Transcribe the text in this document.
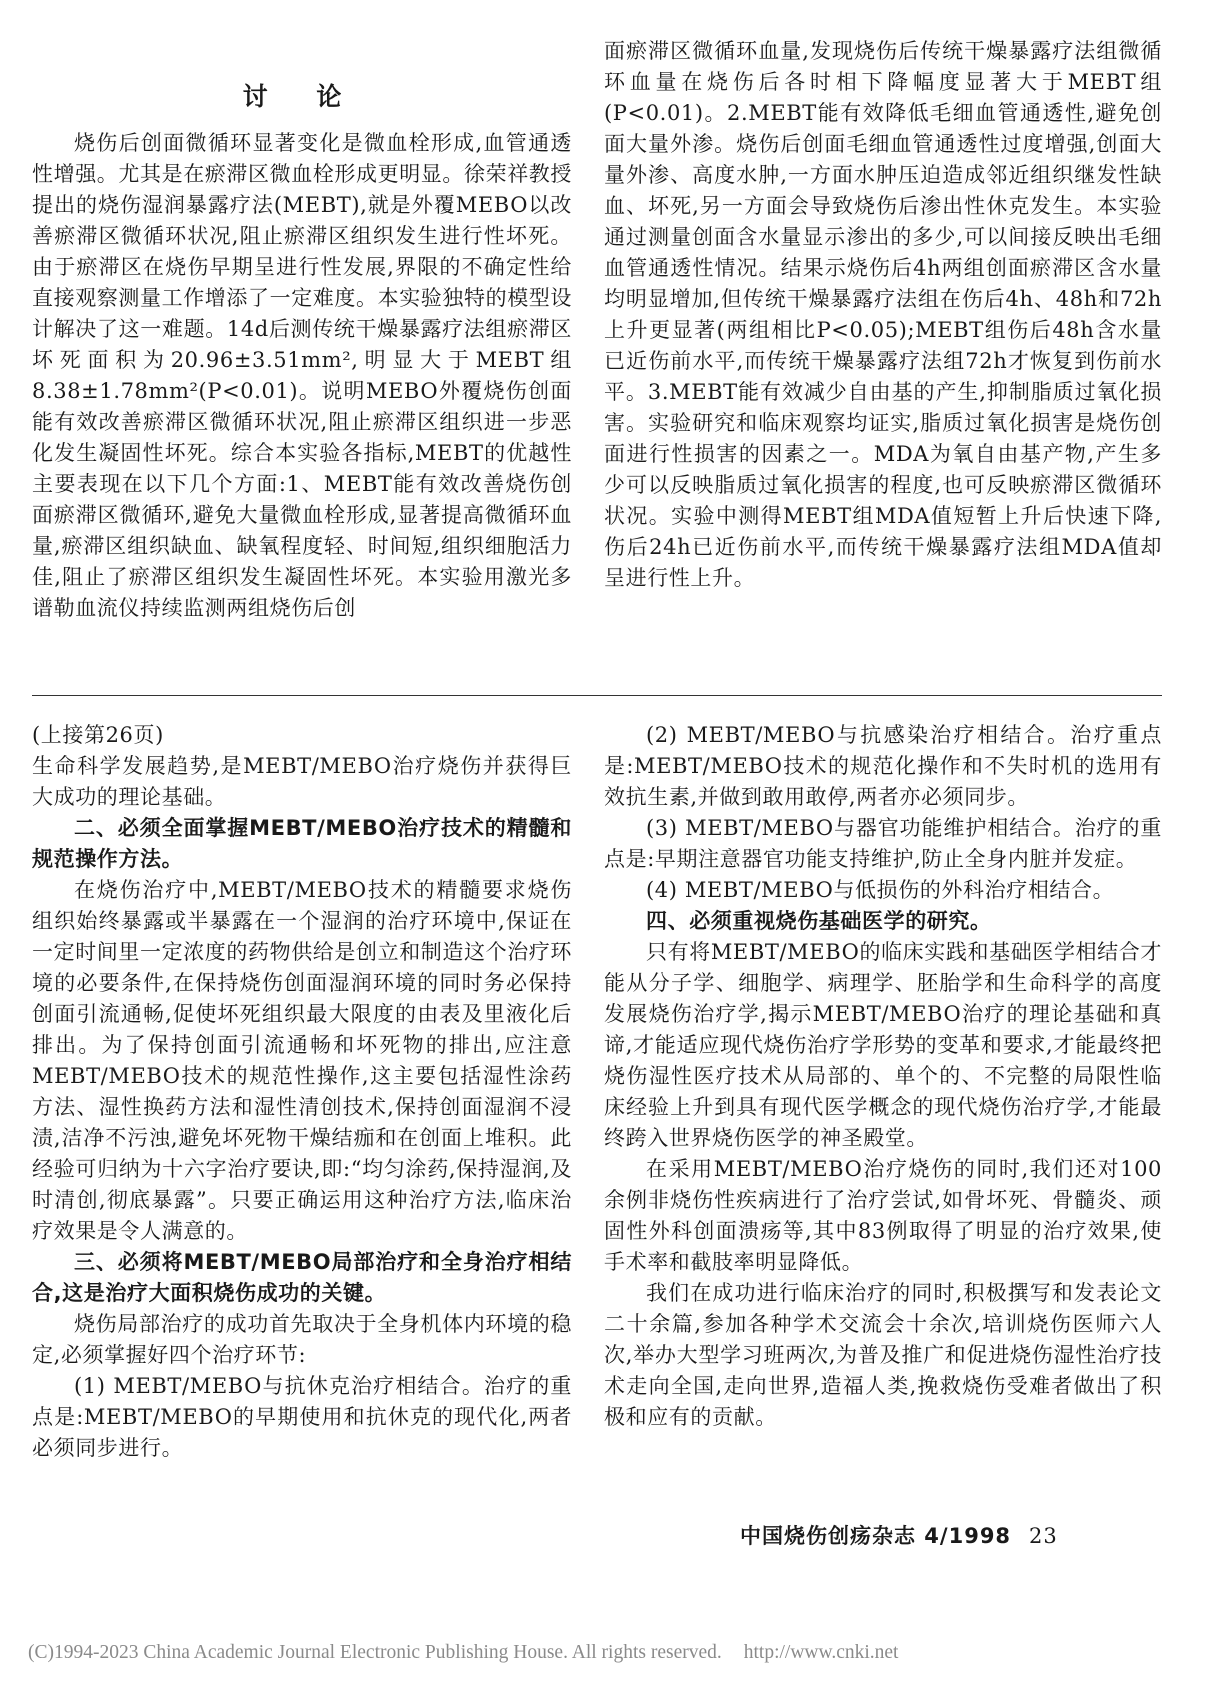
讨 论

烧伤后创面微循环显著变化是微血栓形成,血管通透性增强。尤其是在瘀滞区微血栓形成更明显。徐荣祥教授提出的烧伤湿润暴露疗法(MEBT),就是外覆MEBO以改善瘀滞区微循环状况,阻止瘀滞区组织发生进行性坏死。由于瘀滞区在烧伤早期呈进行性发展,界限的不确定性给直接观察测量工作增添了一定难度。本实验独特的模型设计解决了这一难题。14d后测传统干燥暴露疗法组瘀滞区坏死面积为20.96±3.51mm²,明显大于MEBT组8.38±1.78mm²(P<0.01)。说明MEBO外覆烧伤创面能有效改善瘀滞区微循环状况,阻止瘀滞区组织进一步恶化发生凝固性坏死。综合本实验各指标,MEBT的优越性主要表现在以下几个方面:1、MEBT能有效改善烧伤创面瘀滞区微循环,避免大量微血栓形成,显著提高微循环血量,瘀滞区组织缺血、缺氧程度轻、时间短,组织细胞活力佳,阻止了瘀滞区组织发生凝固性坏死。本实验用激光多谱勒血流仪持续监测两组烧伤后创

面瘀滞区微循环血量,发现烧伤后传统干燥暴露疗法组微循环血量在烧伤后各时相下降幅度显著大于MEBT组(P<0.01)。2.MEBT能有效降低毛细血管通透性,避免创面大量外渗。烧伤后创面毛细血管通透性过度增强,创面大量外渗、高度水肿,一方面水肿压迫造成邻近组织继发性缺血、坏死,另一方面会导致烧伤后渗出性休克发生。本实验通过测量创面含水量显示渗出的多少,可以间接反映出毛细血管通透性情况。结果示烧伤后4h两组创面瘀滞区含水量均明显增加,但传统干燥暴露疗法组在伤后4h、48h和72h上升更显著(两组相比P<0.05);MEBT组伤后48h含水量已近伤前水平,而传统干燥暴露疗法组72h才恢复到伤前水平。3.MEBT能有效减少自由基的产生,抑制脂质过氧化损害。实验研究和临床观察均证实,脂质过氧化损害是烧伤创面进行性损害的因素之一。MDA为氧自由基产物,产生多少可以反映脂质过氧化损害的程度,也可反映瘀滞区微循环状况。实验中测得MEBT组MDA值短暂上升后快速下降,伤后24h已近伤前水平,而传统干燥暴露疗法组MDA值却呈进行性上升。

(上接第26页)

生命科学发展趋势,是MEBT/MEBO治疗烧伤并获得巨大成功的理论基础。

二、必须全面掌握MEBT/MEBO治疗技术的精髓和规范操作方法。

在烧伤治疗中,MEBT/MEBO技术的精髓要求烧伤组织始终暴露或半暴露在一个湿润的治疗环境中,保证在一定时间里一定浓度的药物供给是创立和制造这个治疗环境的必要条件,在保持烧伤创面湿润环境的同时务必保持创面引流通畅,促使坏死组织最大限度的由表及里液化后排出。为了保持创面引流通畅和坏死物的排出,应注意MEBT/MEBO技术的规范性操作,这主要包括湿性涂药方法、湿性换药方法和湿性清创技术,保持创面湿润不浸渍,洁净不污浊,避免坏死物干燥结痂和在创面上堆积。此经验可归纳为十六字治疗要诀,即:“均匀涂药,保持湿润,及时清创,彻底暴露”。只要正确运用这种治疗方法,临床治疗效果是令人满意的。

三、必须将MEBT/MEBO局部治疗和全身治疗相结合,这是治疗大面积烧伤成功的关键。

烧伤局部治疗的成功首先取决于全身机体内环境的稳定,必须掌握好四个治疗环节:

(1) MEBT/MEBO与抗休克治疗相结合。治疗的重点是:MEBT/MEBO的早期使用和抗休克的现代化,两者必须同步进行。

(2) MEBT/MEBO与抗感染治疗相结合。治疗重点是:MEBT/MEBO技术的规范化操作和不失时机的选用有效抗生素,并做到敢用敢停,两者亦必须同步。

(3) MEBT/MEBO与器官功能维护相结合。治疗的重点是:早期注意器官功能支持维护,防止全身内脏并发症。

(4) MEBT/MEBO与低损伤的外科治疗相结合。

四、必须重视烧伤基础医学的研究。

只有将MEBT/MEBO的临床实践和基础医学相结合才能从分子学、细胞学、病理学、胚胎学和生命科学的高度发展烧伤治疗学,揭示MEBT/MEBO治疗的理论基础和真谛,才能适应现代烧伤治疗学形势的变革和要求,才能最终把烧伤湿性医疗技术从局部的、单个的、不完整的局限性临床经验上升到具有现代医学概念的现代烧伤治疗学,才能最终跨入世界烧伤医学的神圣殿堂。

在采用MEBT/MEBO治疗烧伤的同时,我们还对100余例非烧伤性疾病进行了治疗尝试,如骨坏死、骨髓炎、顽固性外科创面溃疡等,其中83例取得了明显的治疗效果,使手术率和截肢率明显降低。

我们在成功进行临床治疗的同时,积极撰写和发表论文二十余篇,参加各种学术交流会十余次,培训烧伤医师六人次,举办大型学习班两次,为普及推广和促进烧伤湿性治疗技术走向全国,走向世界,造福人类,挽救烧伤受难者做出了积极和应有的贡献。

中国烧伤创疡杂志 4/1998 23
(C)1994-2023 China Academic Journal Electronic Publishing House. All rights reserved. http://www.cnki.net
